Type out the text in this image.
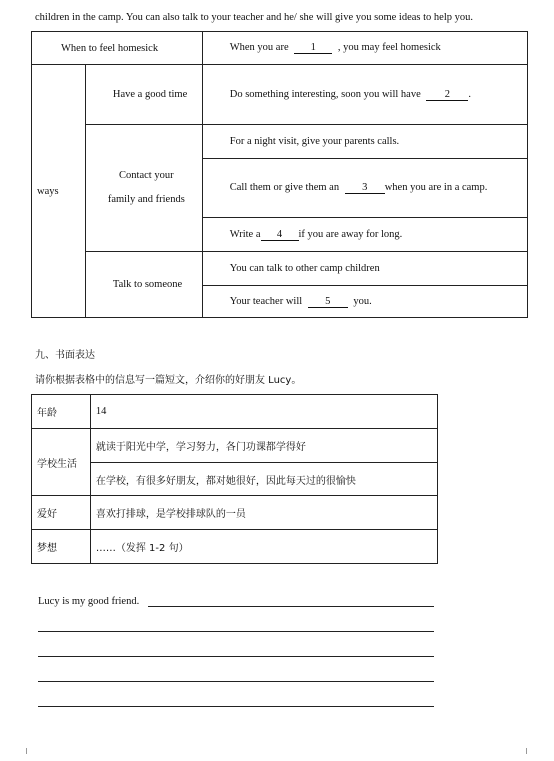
children in the camp. You can also talk to your teacher and he/ she will give you some ideas to help you.
When to feel homesick		When you are 1 , you may feel homesick
ways	Have a good time	Do something interesting, soon you will have 2 .

	Contact your
family and friends	For a night visit, give your parents calls.
		Call them or give them an 3 when you are in a camp.
		Write a 4 if you are away for long.
	Talk to someone	You can talk to other camp children
		Your teacher will 5 you.
九、书面表达
请你根据表格中的信息写一篇短文，介绍你的好朋友 Lucy。
年龄	14
学校生活	就读于阳光中学，学习努力，各门功课都学得好
	在学校，有很多好朋友，都对她很好，因此每天过的很愉快
爱好	喜欢打排球，是学校排球队的一员
梦想	……（发挥 1-2 句）
Lucy is my good friend.
